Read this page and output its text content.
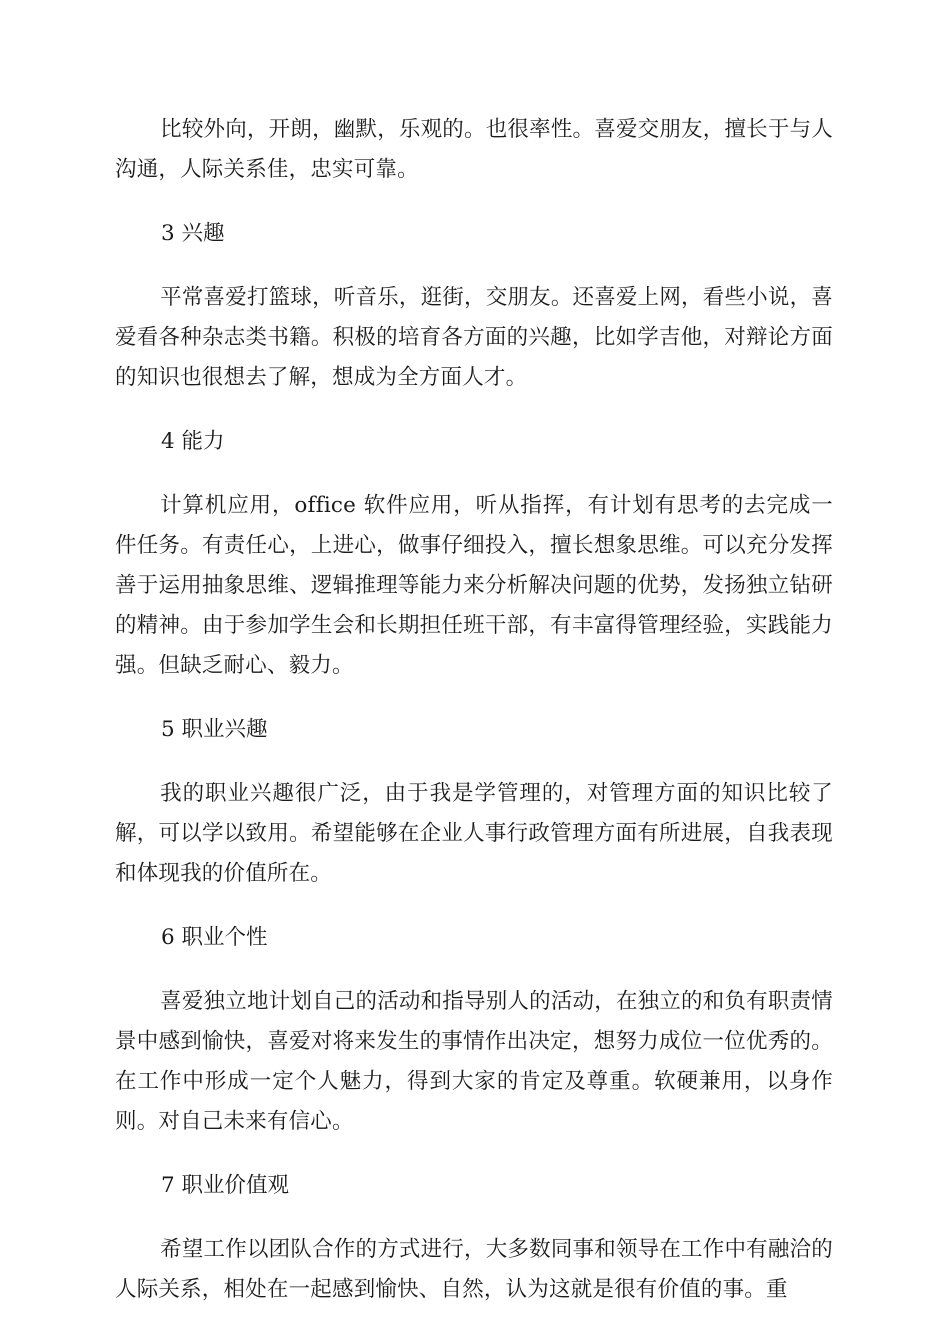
比较外向，开朗，幽默，乐观的。也很率性。喜爱交朋友，擅长于与人沟通，人际关系佳，忠实可靠。

3 兴趣

平常喜爱打篮球，听音乐，逛街，交朋友。还喜爱上网，看些小说，喜爱看各种杂志类书籍。积极的培育各方面的兴趣，比如学吉他，对辩论方面的知识也很想去了解，想成为全方面人才。

4 能力

计算机应用，office 软件应用，听从指挥，有计划有思考的去完成一件任务。有责任心，上进心，做事仔细投入，擅长想象思维。可以充分发挥善于运用抽象思维、逻辑推理等能力来分析解决问题的优势，发扬独立钻研的精神。由于参加学生会和长期担任班干部，有丰富得管理经验，实践能力强。但缺乏耐心、毅力。

5 职业兴趣

我的职业兴趣很广泛，由于我是学管理的，对管理方面的知识比较了解，可以学以致用。希望能够在企业人事行政管理方面有所进展，自我表现和体现我的价值所在。

6 职业个性

喜爱独立地计划自己的活动和指导别人的活动，在独立的和负有职责情景中感到愉快，喜爱对将来发生的事情作出决定，想努力成位一位优秀的。在工作中形成一定个人魅力，得到大家的肯定及尊重。软硬兼用，以身作则。对自己未来有信心。

7 职业价值观

希望工作以团队合作的方式进行，大多数同事和领导在工作中有融洽的人际关系，相处在一起感到愉快、自然，认为这就是很有价值的事。重
